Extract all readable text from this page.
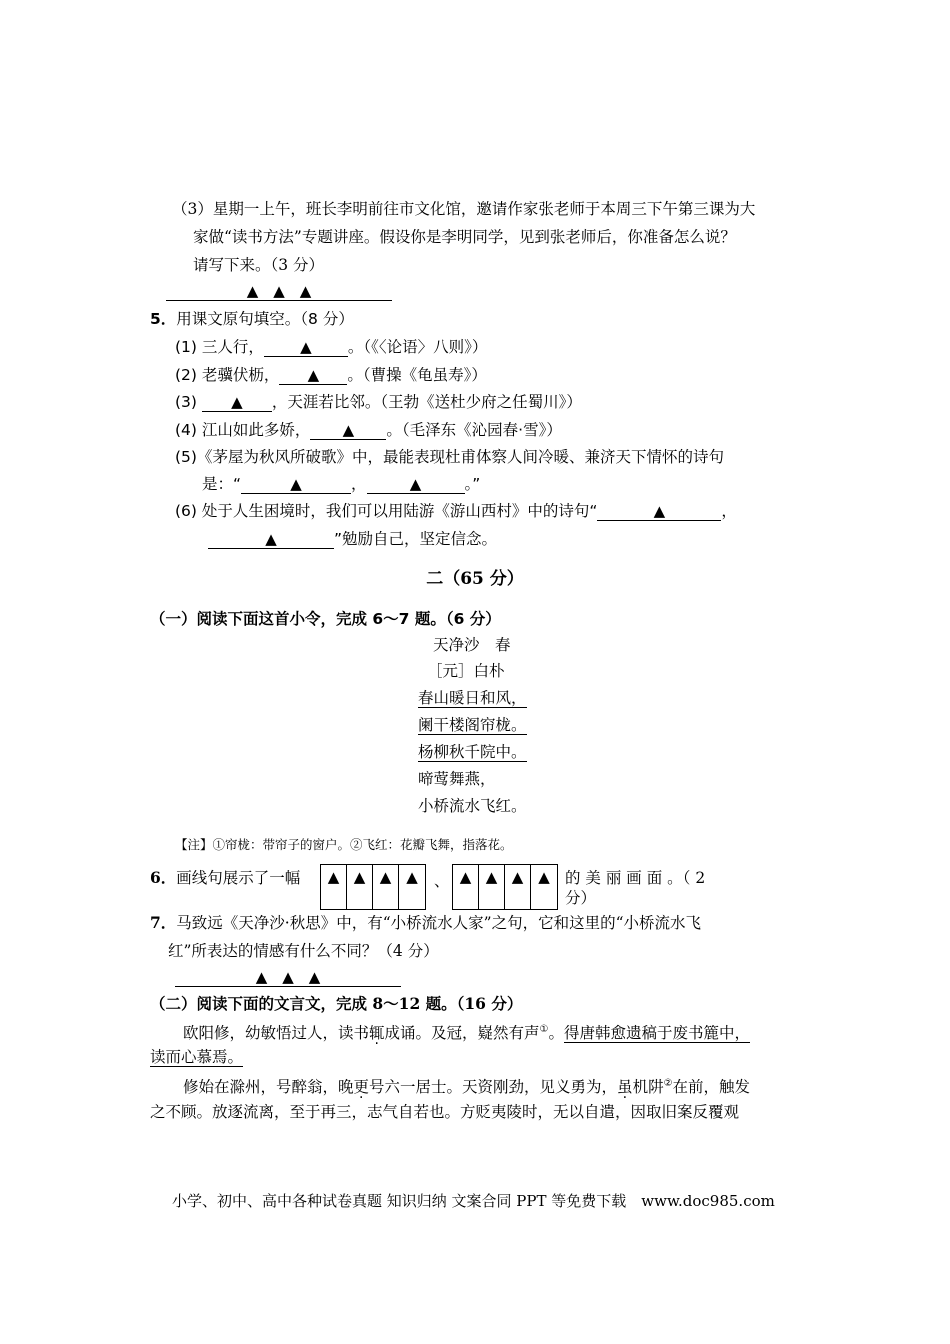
（3）星期一上午，班长李明前往市文化馆，邀请作家张老师于本周三下午第三课为大
家做“读书方法”专题讲座。假设你是李明同学，见到张老师后，你准备怎么说？
请写下来。（3 分）
▲　▲　▲
5．用课文原句填空。（8 分）
(1) 三人行， ▲ 。（《〈论语〉八则》）
(2) 老骥伏枥， ▲ 。（曹操《龟虽寿》）
(3) ▲ ，天涯若比邻。（王勃《送杜少府之任蜀川》）
(4) 江山如此多娇， ▲ 。（毛泽东《沁园春·雪》）
(5)《茅屋为秋风所破歌》中，最能表现杜甫体察人间冷暖、兼济天下情怀的诗句
是：“	▲	，	▲	。”
(6) 处于人生困境时，我们可以用陆游《游山西村》中的诗句“	▲	，
▲	”勉励自己，坚定信念。
二（65 分）
（一）阅读下面这首小令，完成 6～7 题。（6 分）
天净沙　春
［元］白朴
春山暖日和风，
阑干楼阁帘栊。
杨柳秋千院中。
啼莺舞燕，
小桥流水飞红。
【注】①帘栊：带帘子的窗户。②飞红：花瓣飞舞，指落花。
6．画线句展示了一幅	▲ ▲ ▲ ▲	、 ▲ ▲ ▲ ▲ 的 美 丽 画 面 。（ 2
分）
7．马致远《天净沙·秋思》中，有“小桥流水人家”之句，它和这里的“小桥流水飞
红”所表达的情感有什么不同？（4 分）
▲　▲　▲
（二）阅读下面的文言文，完成 8～12 题。（16 分）
欧阳修，幼敏悟过人，读书辄成诵。及冠，嶷然有声①。得唐韩愈遗稿于废书簏中，
读而心慕焉。
修始在滁州，号醉翁，晚更号六一居士。天资刚劲，见义勇为，虽机阱②在前，触发
之不顾。放逐流离，至于再三，志气自若也。方贬夷陵时，无以自遣，因取旧案反覆观
小学、初中、高中各种试卷真题 知识归纳 文案合同 PPT 等免费下载　www.doc985.com
